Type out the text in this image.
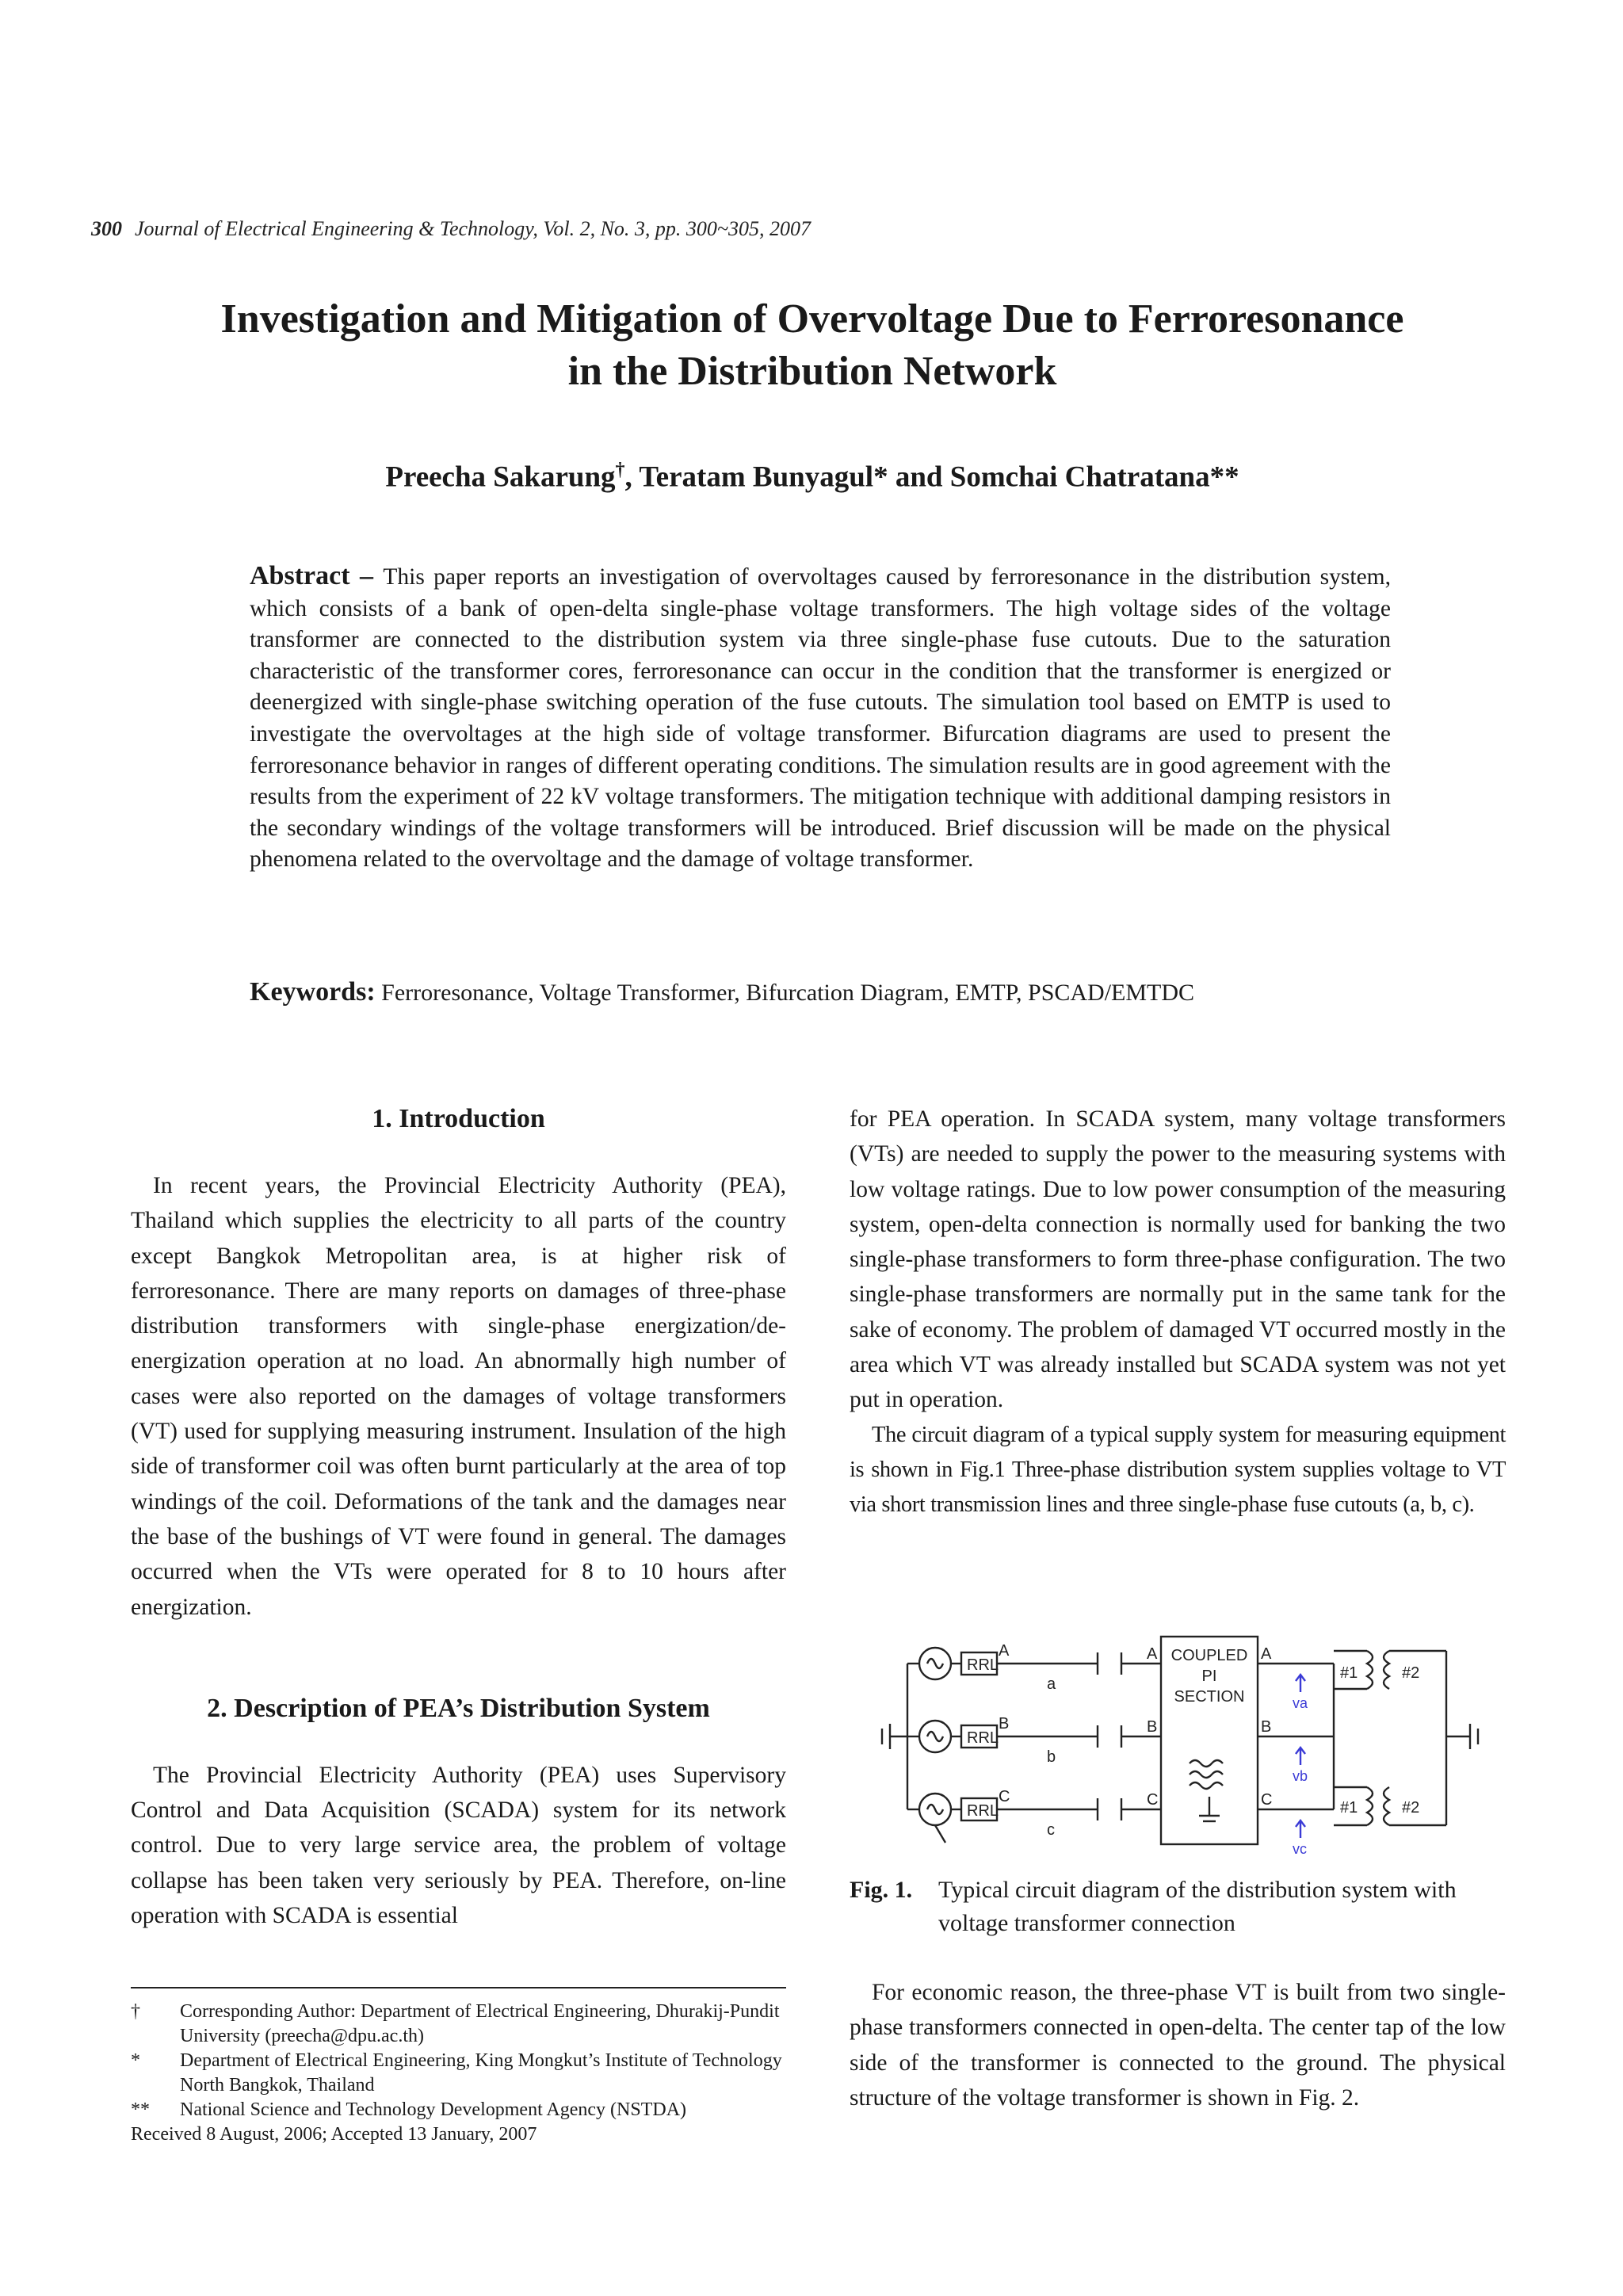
300 Journal of Electrical Engineering & Technology, Vol. 2, No. 3, pp. 300~305, 2007
Investigation and Mitigation of Overvoltage Due to Ferroresonance
in the Distribution Network
Preecha Sakarung†, Teratam Bunyagul* and Somchai Chatratana**

Abstract – This paper reports an investigation of overvoltages caused by ferroresonance in the distribution system, which consists of a bank of open-delta single-phase voltage transformers. The high voltage sides of the voltage transformer are connected to the distribution system via three single-phase fuse cutouts. Due to the saturation characteristic of the transformer cores, ferroresonance can occur in the condition that the transformer is energized or deenergized with single-phase switching operation of the fuse cutouts. The simulation tool based on EMTP is used to investigate the overvoltages at the high side of voltage transformer. Bifurcation diagrams are used to present the ferroresonance behavior in ranges of different operating conditions. The simulation results are in good agreement with the results from the experiment of 22 kV voltage transformers. The mitigation technique with additional damping resistors in the secondary windings of the voltage transformers will be introduced. Brief discussion will be made on the physical phenomena related to the overvoltage and the damage of voltage transformer.

Keywords: Ferroresonance, Voltage Transformer, Bifurcation Diagram, EMTP, PSCAD/EMTDC
1. Introduction

In recent years, the Provincial Electricity Authority (PEA), Thailand which supplies the electricity to all parts of the country except Bangkok Metropolitan area, is at higher risk of ferroresonance. There are many reports on damages of three-phase distribution transformers with single-phase energization/de-energization operation at no load. An abnormally high number of cases were also reported on the damages of voltage transformers (VT) used for supplying measuring instrument. Insulation of the high side of transformer coil was often burnt particularly at the area of top windings of the coil. Deformations of the tank and the damages near the base of the bushings of VT were found in general. The damages occurred when the VTs were operated for 8 to 10 hours after energization.

2. Description of PEA’s Distribution System

The Provincial Electricity Authority (PEA) uses Supervisory Control and Data Acquisition (SCADA) system for its network control. Due to very large service area, the problem of voltage collapse has been taken very seriously by PEA. Therefore, on-line operation with SCADA is essential

†	Corresponding Author: Department of Electrical Engineering, Dhurakij-Pundit University (preecha@dpu.ac.th)
*	Department of Electrical Engineering, King Mongkut’s Institute of Technology North Bangkok, Thailand
**	National Science and Technology Development Agency (NSTDA)
Received 8 August, 2006; Accepted 13 January, 2007

for PEA operation. In SCADA system, many voltage transformers (VTs) are needed to supply the power to the measuring systems with low voltage ratings. Due to low power consumption of the measuring system, open-delta connection is normally used for banking the two single-phase transformers to form three-phase configuration. The two single-phase transformers are normally put in the same tank for the sake of economy. The problem of damaged VT occurred mostly in the area which VT was already installed but SCADA system was not yet put in operation.

The circuit diagram of a typical supply system for measuring equipment is shown in Fig.1 Three-phase distribution system supplies voltage to VT via short transmission lines and three single-phase fuse cutouts (a, b, c).

RRL
RRL
RRL
A
B
C
a
b
c
A
B
C
A
B
C
COUPLED
PI
SECTION
#1	#2
#1	#2
va
vb
vc
Fig. 1.	Typical circuit diagram of the distribution system with voltage transformer connection

For economic reason, the three-phase VT is built from two single-phase transformers connected in open-delta. The center tap of the low side of the transformer is connected to the ground. The physical structure of the voltage transformer is shown in Fig. 2.
